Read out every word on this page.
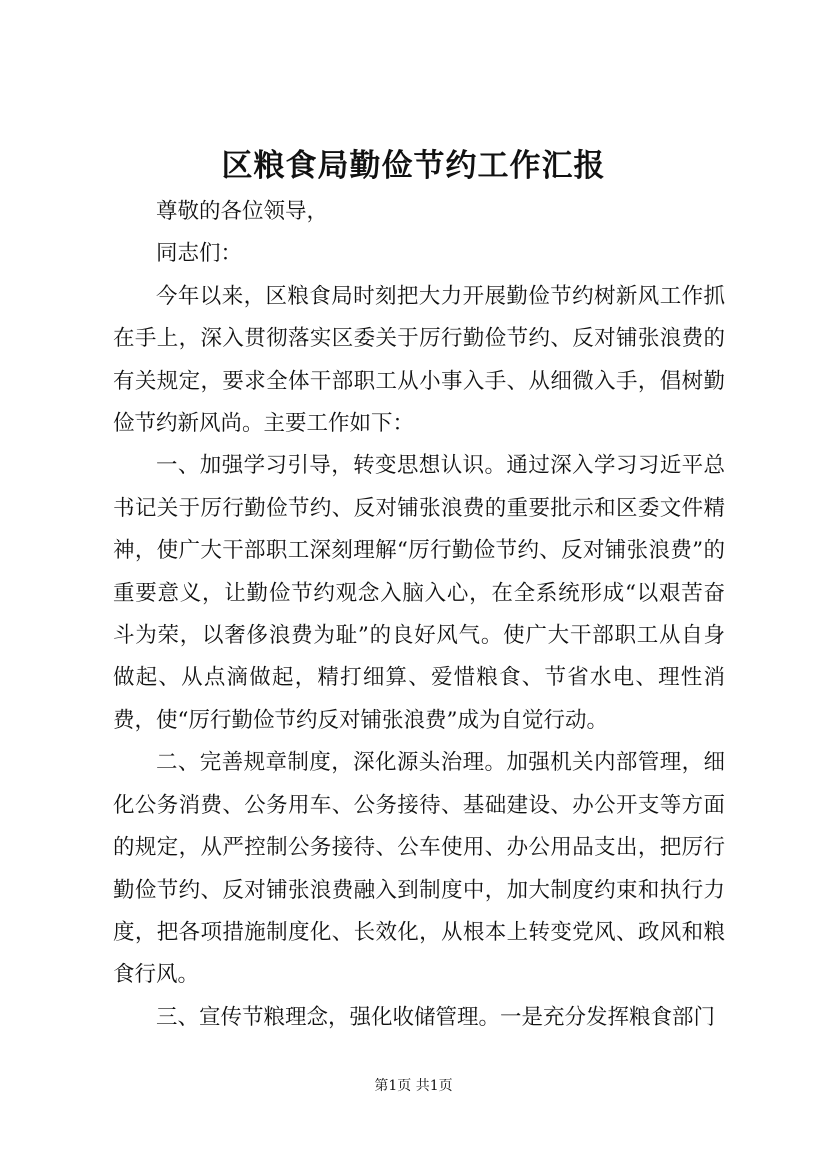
区粮食局勤俭节约工作汇报

尊敬的各位领导，

同志们：

今年以来，区粮食局时刻把大力开展勤俭节约树新风工作抓在手上，深入贯彻落实区委关于厉行勤俭节约、反对铺张浪费的有关规定，要求全体干部职工从小事入手、从细微入手，倡树勤俭节约新风尚。主要工作如下：

一、加强学习引导，转变思想认识。通过深入学习习近平总书记关于厉行勤俭节约、反对铺张浪费的重要批示和区委文件精神，使广大干部职工深刻理解“厉行勤俭节约、反对铺张浪费”的重要意义，让勤俭节约观念入脑入心，在全系统形成“以艰苦奋斗为荣，以奢侈浪费为耻”的良好风气。使广大干部职工从自身做起、从点滴做起，精打细算、爱惜粮食、节省水电、理性消费，使“厉行勤俭节约反对铺张浪费”成为自觉行动。

二、完善规章制度，深化源头治理。加强机关内部管理，细化公务消费、公务用车、公务接待、基础建设、办公开支等方面的规定，从严控制公务接待、公车使用、办公用品支出，把厉行勤俭节约、反对铺张浪费融入到制度中，加大制度约束和执行力度，把各项措施制度化、长效化，从根本上转变党风、政风和粮食行风。

三、宣传节粮理念，强化收储管理。一是充分发挥粮食部门

第1页 共1页
